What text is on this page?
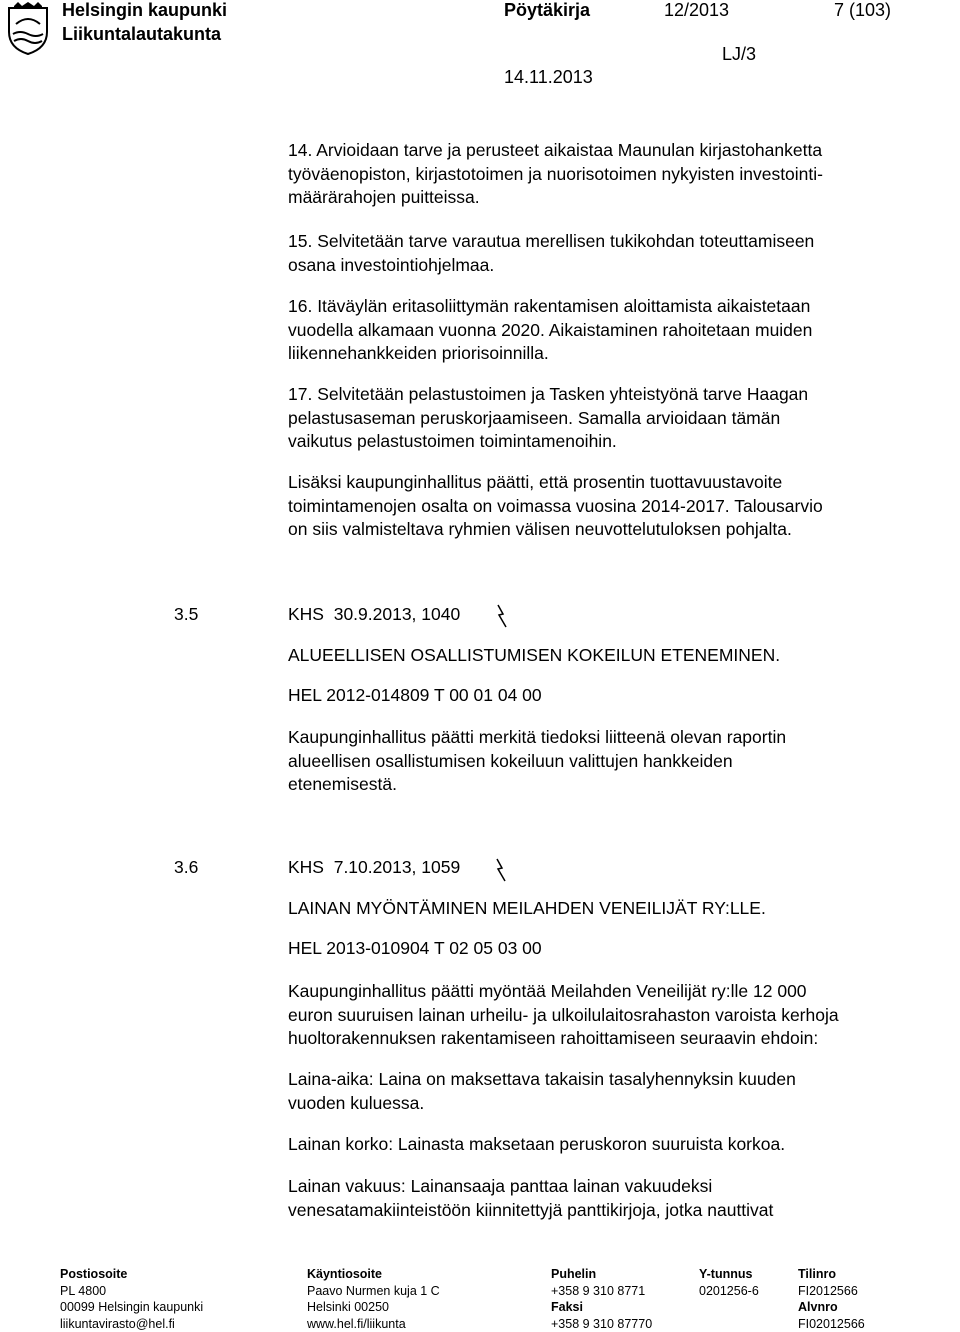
Helsingin kaupunki
Liikuntalautakunta
Pöytäkirja	12/2013	7 (103)
LJ/3
14.11.2013
14. Arvioidaan tarve ja perusteet aikaistaa Maunulan kirjastohanketta
työväenopiston, kirjastotoimen ja nuorisotoimen nykyisten investointi-
määrärahojen puitteissa.
15. Selvitetään tarve varautua merellisen tukikohdan toteuttamiseen
osana investointiohjelmaa.
16. Itäväylän eritasoliittymän rakentamisen aloittamista aikaistetaan
vuodella alkamaan vuonna 2020. Aikaistaminen rahoitetaan muiden
liikennehankkeiden priorisoinnilla.
17. Selvitetään pelastustoimen ja Tasken yhteistyönä tarve Haagan
pelastusaseman peruskorjaamiseen. Samalla arvioidaan tämän
vaikutus pelastustoimen toimintamenoihin.
Lisäksi kaupunginhallitus päätti, että prosentin tuottavuustavoite
toimintamenojen osalta on voimassa vuosina 2014-2017. Talousarvio
on siis valmisteltava ryhmien välisen neuvottelutuloksen pohjalta.
3.5	KHS  30.9.2013, 1040
ALUEELLISEN OSALLISTUMISEN KOKEILUN ETENEMINEN.
HEL 2012-014809 T 00 01 04 00
Kaupunginhallitus päätti merkitä tiedoksi liitteenä olevan raportin
alueellisen osallistumisen kokeiluun valittujen hankkeiden
etenemisestä.
3.6	KHS  7.10.2013, 1059
LAINAN MYÖNTÄMINEN MEILAHDEN VENEILIJÄT RY:LLE.
HEL 2013-010904 T 02 05 03 00
Kaupunginhallitus päätti myöntää Meilahden Veneilijät ry:lle 12 000
euron suuruisen lainan urheilu- ja ulkoilulaitosrahaston varoista kerhoja
huoltorakennuksen rakentamiseen rahoittamiseen seuraavin ehdoin:
Laina-aika: Laina on maksettava takaisin tasalyhennyksin kuuden
vuoden kuluessa.
Lainan korko: Lainasta maksetaan peruskoron suuruista korkoa.
Lainan vakuus: Lainansaaja panttaa lainan vakuudeksi
venesatamakiinteistöön kiinnitettyjä panttikirjoja, jotka nauttivat
Postiosoite
PL 4800
00099 Helsingin kaupunki
liikuntavirasto@hel.fi
Käyntiosoite
Paavo Nurmen kuja 1 C
Helsinki 00250
www.hel.fi/liikunta
Puhelin
+358 9 310 8771
Faksi
+358 9 310 87770
Y-tunnus
0201256-6
Tilinro
FI2012566
Alvnro
FI02012566
